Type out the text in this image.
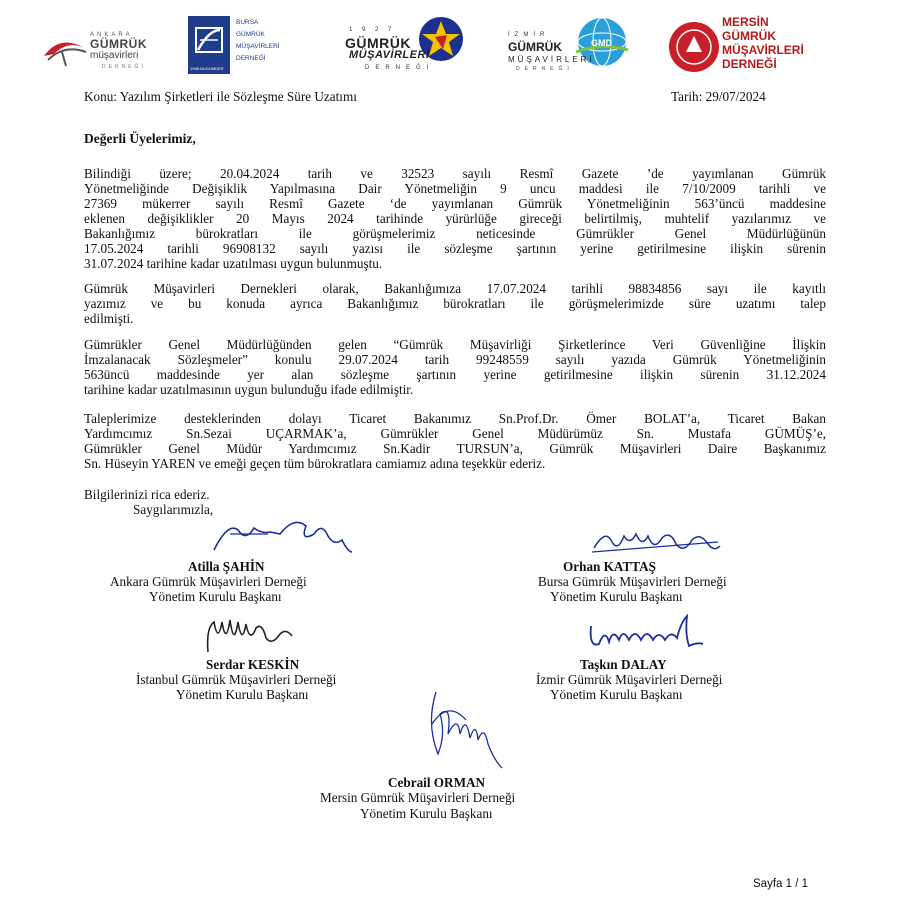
ANKARA
GÜMRÜK
müşavirleri
DERNEĞİ	1998-BUGÜMDER
BURSA
GÜMRÜK
MÜŞAVİRLERİ
DERNEĞİ
1 9 2 7
GÜMRÜK
MÜŞAVİRLERİ
DERNEĞİ
GMD
İZMİR
GÜMRÜK
MÜŞAVİRLERİ
DERNEĞİ
MERSİN
GÜMRÜK
MÜŞAVİRLERİ
DERNEĞİ
Konu: Yazılım Şirketleri ile Sözleşme Süre Uzatımı	Tarih: 29/07/2024
Değerli Üyelerimiz,
Bilindiği üzere; 20.04.2024 tarih ve 32523 sayılı Resmî Gazete ’de yayımlanan Gümrük
Yönetmeliğinde Değişiklik Yapılmasına Dair Yönetmeliğin 9 uncu maddesi ile 7/10/2009 tarihli ve
27369 mükerrer sayılı Resmî Gazete ‘de yayımlanan Gümrük Yönetmeliğinin 563’üncü maddesine
eklenen değişiklikler 20 Mayıs 2024 tarihinde yürürlüğe gireceği belirtilmiş, muhtelif yazılarımız ve
Bakanlığımız bürokratları ile görüşmelerimiz neticesinde Gümrükler Genel Müdürlüğünün
17.05.2024 tarihli 96908132 sayılı yazısı ile sözleşme şartının yerine getirilmesine ilişkin sürenin
31.07.2024 tarihine kadar uzatılması uygun bulunmuştu.
Gümrük Müşavirleri Dernekleri olarak, Bakanlığımıza 17.07.2024 tarihli 98834856 sayı ile kayıtlı
yazımız ve bu konuda ayrıca Bakanlığımız bürokratları ile görüşmelerimizde süre uzatımı talep
edilmişti.
Gümrükler Genel Müdürlüğünden gelen “Gümrük Müşavirliği Şirketlerince Veri Güvenliğine İlişkin
İmzalanacak Sözleşmeler” konulu 29.07.2024 tarih 99248559 sayılı yazıda Gümrük Yönetmeliğinin
563üncü maddesinde yer alan sözleşme şartının yerine getirilmesine ilişkin sürenin 31.12.2024
tarihine kadar uzatılmasının uygun bulunduğu ifade edilmiştir.
Taleplerimize desteklerinden dolayı Ticaret Bakanımız Sn.Prof.Dr. Ömer BOLAT’a, Ticaret Bakan
Yardımcımız Sn.Sezai UÇARMAK’a, Gümrükler Genel Müdürümüz Sn. Mustafa GÜMÜŞ’e,
Gümrükler Genel Müdür Yardımcımız Sn.Kadir TURSUN’a, Gümrük Müşavirleri Daire Başkanımız
Sn. Hüseyin YAREN ve emeği geçen tüm bürokratlara camiamız adına teşekkür ederiz.
Bilgilerinizi rica ederiz.
Saygılarımızla,
Atilla ŞAHİN
Ankara Gümrük Müşavirleri Derneği
Yönetim Kurulu Başkanı
Orhan KATTAŞ
Bursa Gümrük Müşavirleri Derneği
Yönetim Kurulu Başkanı
Serdar KESKİN
İstanbul Gümrük Müşavirleri Derneği
Yönetim Kurulu Başkanı
Taşkın DALAY
İzmir Gümrük Müşavirleri Derneği
Yönetim Kurulu Başkanı
Cebrail ORMAN
Mersin Gümrük Müşavirleri Derneği
Yönetim Kurulu Başkanı
Sayfa 1 / 1
